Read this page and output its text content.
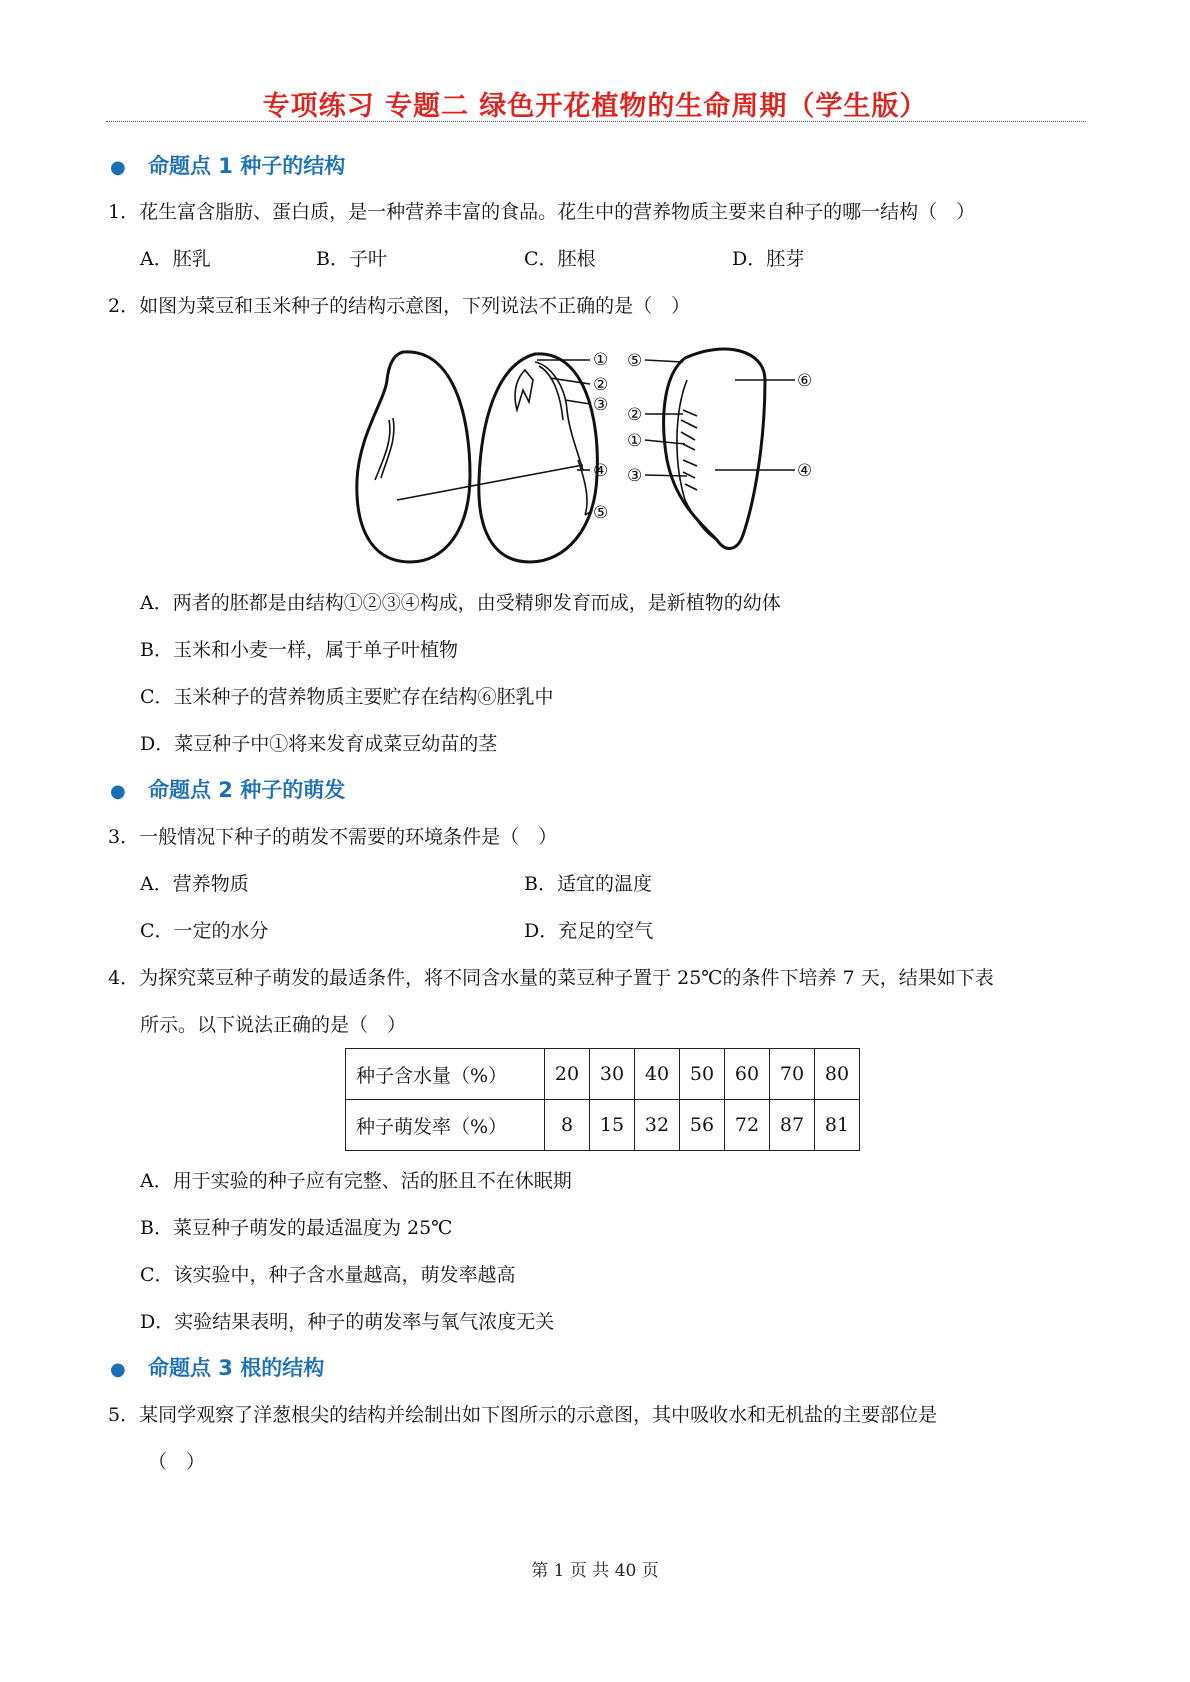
专项练习 专题二 绿色开花植物的生命周期（学生版）
● 命题点 1 种子的结构
1．花生富含脂肪、蛋白质，是一种营养丰富的食品。花生中的营养物质主要来自种子的哪一结构（　）
A．胚乳	B．子叶	C．胚根	D．胚芽
2．如图为菜豆和玉米种子的结构示意图，下列说法不正确的是（　）
①
②
③
④
⑤
⑤
⑥
②
①
③	④
A．两者的胚都是由结构①②③④构成，由受精卵发育而成，是新植物的幼体
B．玉米和小麦一样，属于单子叶植物
C．玉米种子的营养物质主要贮存在结构⑥胚乳中
D．菜豆种子中①将来发育成菜豆幼苗的茎
● 命题点 2 种子的萌发
3．一般情况下种子的萌发不需要的环境条件是（　）
A．营养物质	B．适宜的温度
C．一定的水分	D．充足的空气
4．为探究菜豆种子萌发的最适条件，将不同含水量的菜豆种子置于 25℃的条件下培养 7 天，结果如下表
所示。以下说法正确的是（　）
种子含水量（%）	20	30	40	50	60	70	80
种子萌发率（%）	8	15	32	56	72	87	81
A．用于实验的种子应有完整、活的胚且不在休眠期
B．菜豆种子萌发的最适温度为 25℃
C．该实验中，种子含水量越高，萌发率越高
D．实验结果表明，种子的萌发率与氧气浓度无关
● 命题点 3 根的结构
5．某同学观察了洋葱根尖的结构并绘制出如下图所示的示意图，其中吸收水和无机盐的主要部位是
（　）
第 1 页 共 40 页
